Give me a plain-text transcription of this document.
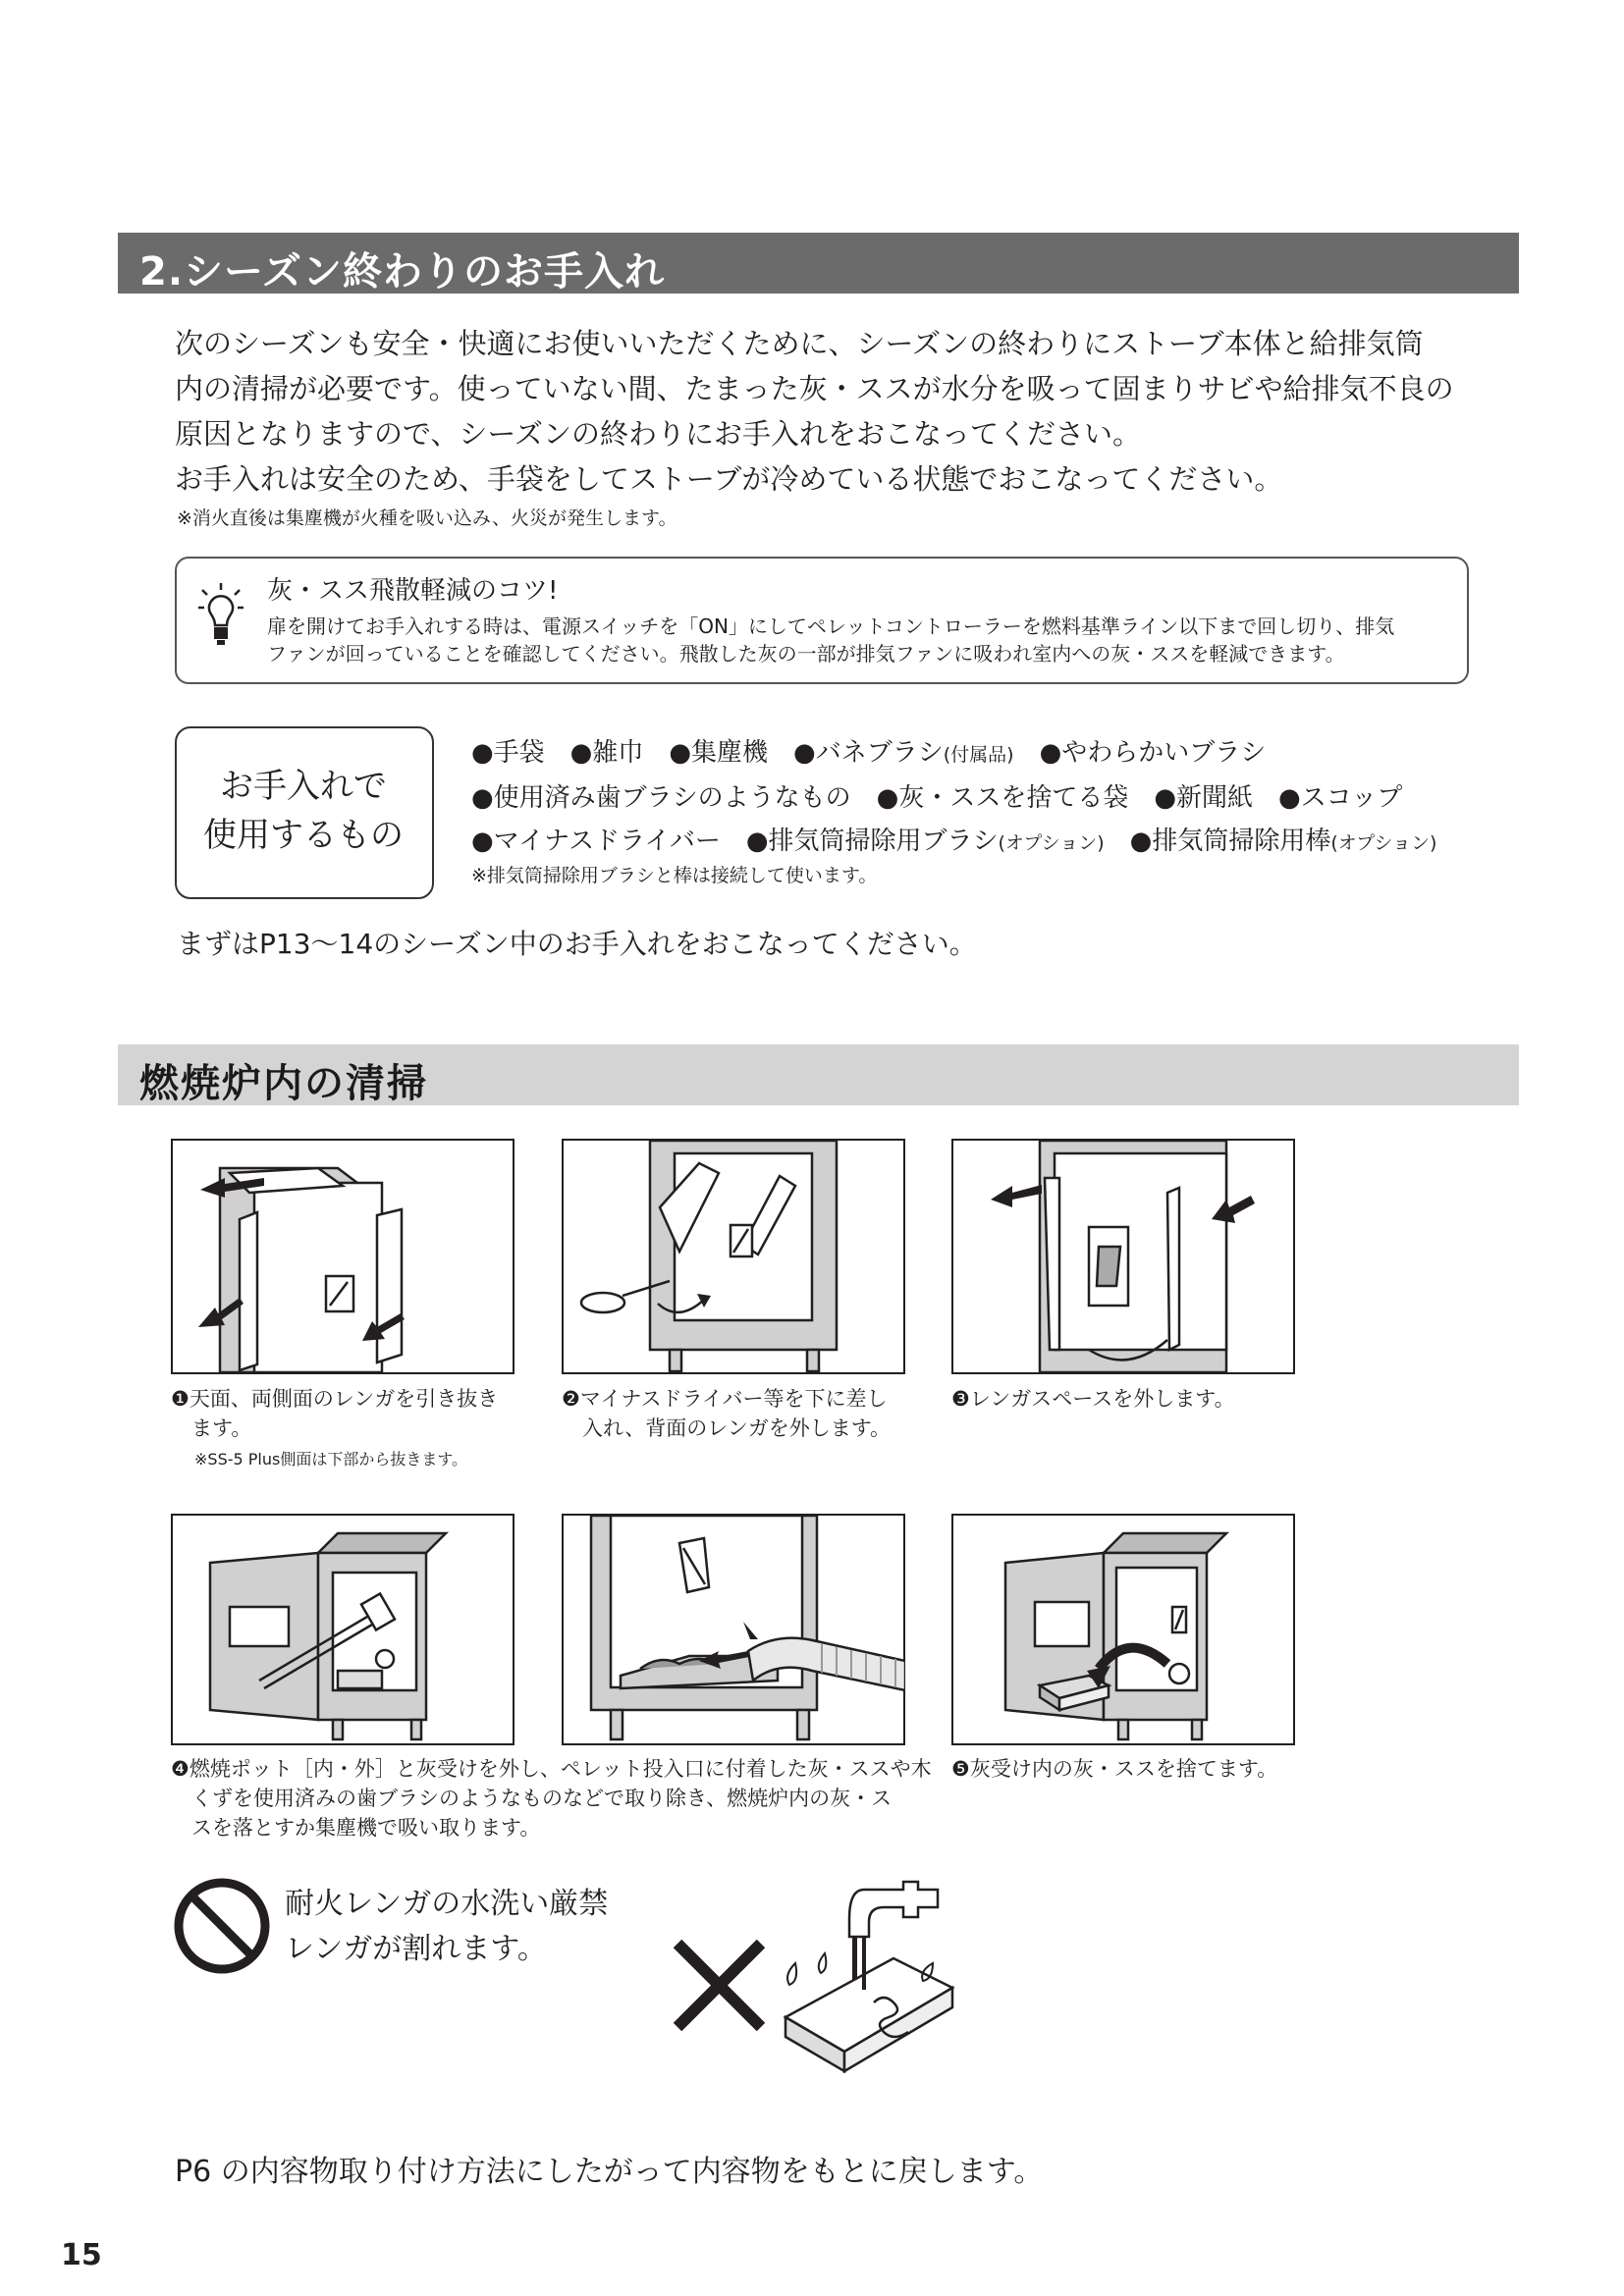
2.シーズン終わりのお手入れ
次のシーズンも安全・快適にお使いいただくために、シーズンの終わりにストーブ本体と給排気筒
内の清掃が必要です。使っていない間、たまった灰・ススが水分を吸って固まりサビや給排気不良の
原因となりますので、シーズンの終わりにお手入れをおこなってください。
お手入れは安全のため、手袋をしてストーブが冷めている状態でおこなってください。
※消火直後は集塵機が火種を吸い込み、火災が発生します。
灰・スス飛散軽減のコツ!
扉を開けてお手入れする時は、電源スイッチを「ON」にしてペレットコントローラーを燃料基準ライン以下まで回し切り、排気
ファンが回っていることを確認してください。飛散した灰の一部が排気ファンに吸われ室内への灰・ススを軽減できます。
お手入れで
使用するもの
●手袋　●雑巾　●集塵機　●バネブラシ(付属品)　●やわらかいブラシ
●使用済み歯ブラシのようなもの　●灰・ススを捨てる袋　●新聞紙　●スコップ
●マイナスドライバー　●排気筒掃除用ブラシ(オプション)　●排気筒掃除用棒(オプション)
※排気筒掃除用ブラシと棒は接続して使います。
まずはP13～14のシーズン中のお手入れをおこなってください。
燃焼炉内の清掃
❶天面、両側面のレンガを引き抜き
　ます。
※SS-5 Plus側面は下部から抜きます。
❷マイナスドライバー等を下に差し
　入れ、背面のレンガを外します。
❸レンガスペースを外します。
❹燃焼ポット［内・外］と灰受けを外し、ペレット投入口に付着した灰・ススや木
　くずを使用済みの歯ブラシのようなものなどで取り除き、燃焼炉内の灰・ス
　スを落とすか集塵機で吸い取ります。
❺灰受け内の灰・ススを捨てます。
耐火レンガの水洗い厳禁
レンガが割れます。
P6 の内容物取り付け方法にしたがって内容物をもとに戻します。
15
